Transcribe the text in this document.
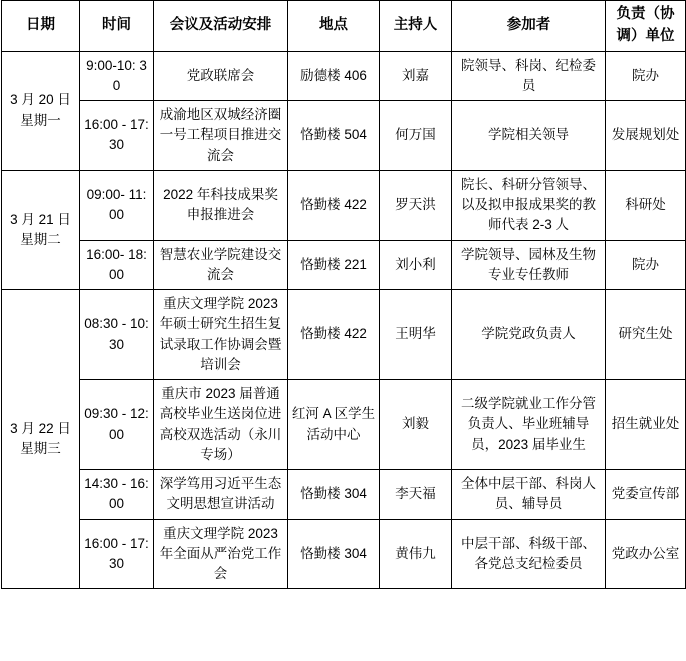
日期	时间	会议及活动安排	地点	主持人	参加者	负责（协调）单位
3 月 20 日 星期一	9:00-10: 30	党政联席会	励德楼 406	刘嘉	院领导、科岗、纪检委员	院办
	16:00 - 17:30	成渝地区双城经济圈一号工程项目推进交流会	恪勤楼 504	何万国	学院相关领导	发展规划处
3 月 21 日 星期二	09:00- 11:00	2022 年科技成果奖申报推进会	恪勤楼 422	罗天洪	院长、科研分管领导、以及拟申报成果奖的教师代表 2-3 人	科研处
	16:00- 18:00	智慧农业学院建设交流会	恪勤楼 221	刘小利	学院领导、园林及生物专业专任教师	院办
3 月 22 日 星期三	08:30 - 10:30	重庆文理学院 2023 年硕士研究生招生复试录取工作协调会暨培训会	恪勤楼 422	王明华	学院党政负责人	研究生处
	09:30 - 12:00	重庆市 2023 届普通高校毕业生送岗位进高校双选活动（永川专场）	红河 A 区学生活动中心	刘毅	二级学院就业工作分管负责人、毕业班辅导员，2023 届毕业生	招生就业处
	14:30 - 16:00	深学笃用习近平生态文明思想宣讲活动	恪勤楼 304	李天福	全体中层干部、科岗人员、辅导员	党委宣传部
	16:00 - 17:30	重庆文理学院 2023 年全面从严治党工作会	恪勤楼 304	黄伟九	中层干部、科级干部、各党总支纪检委员	党政办公室
